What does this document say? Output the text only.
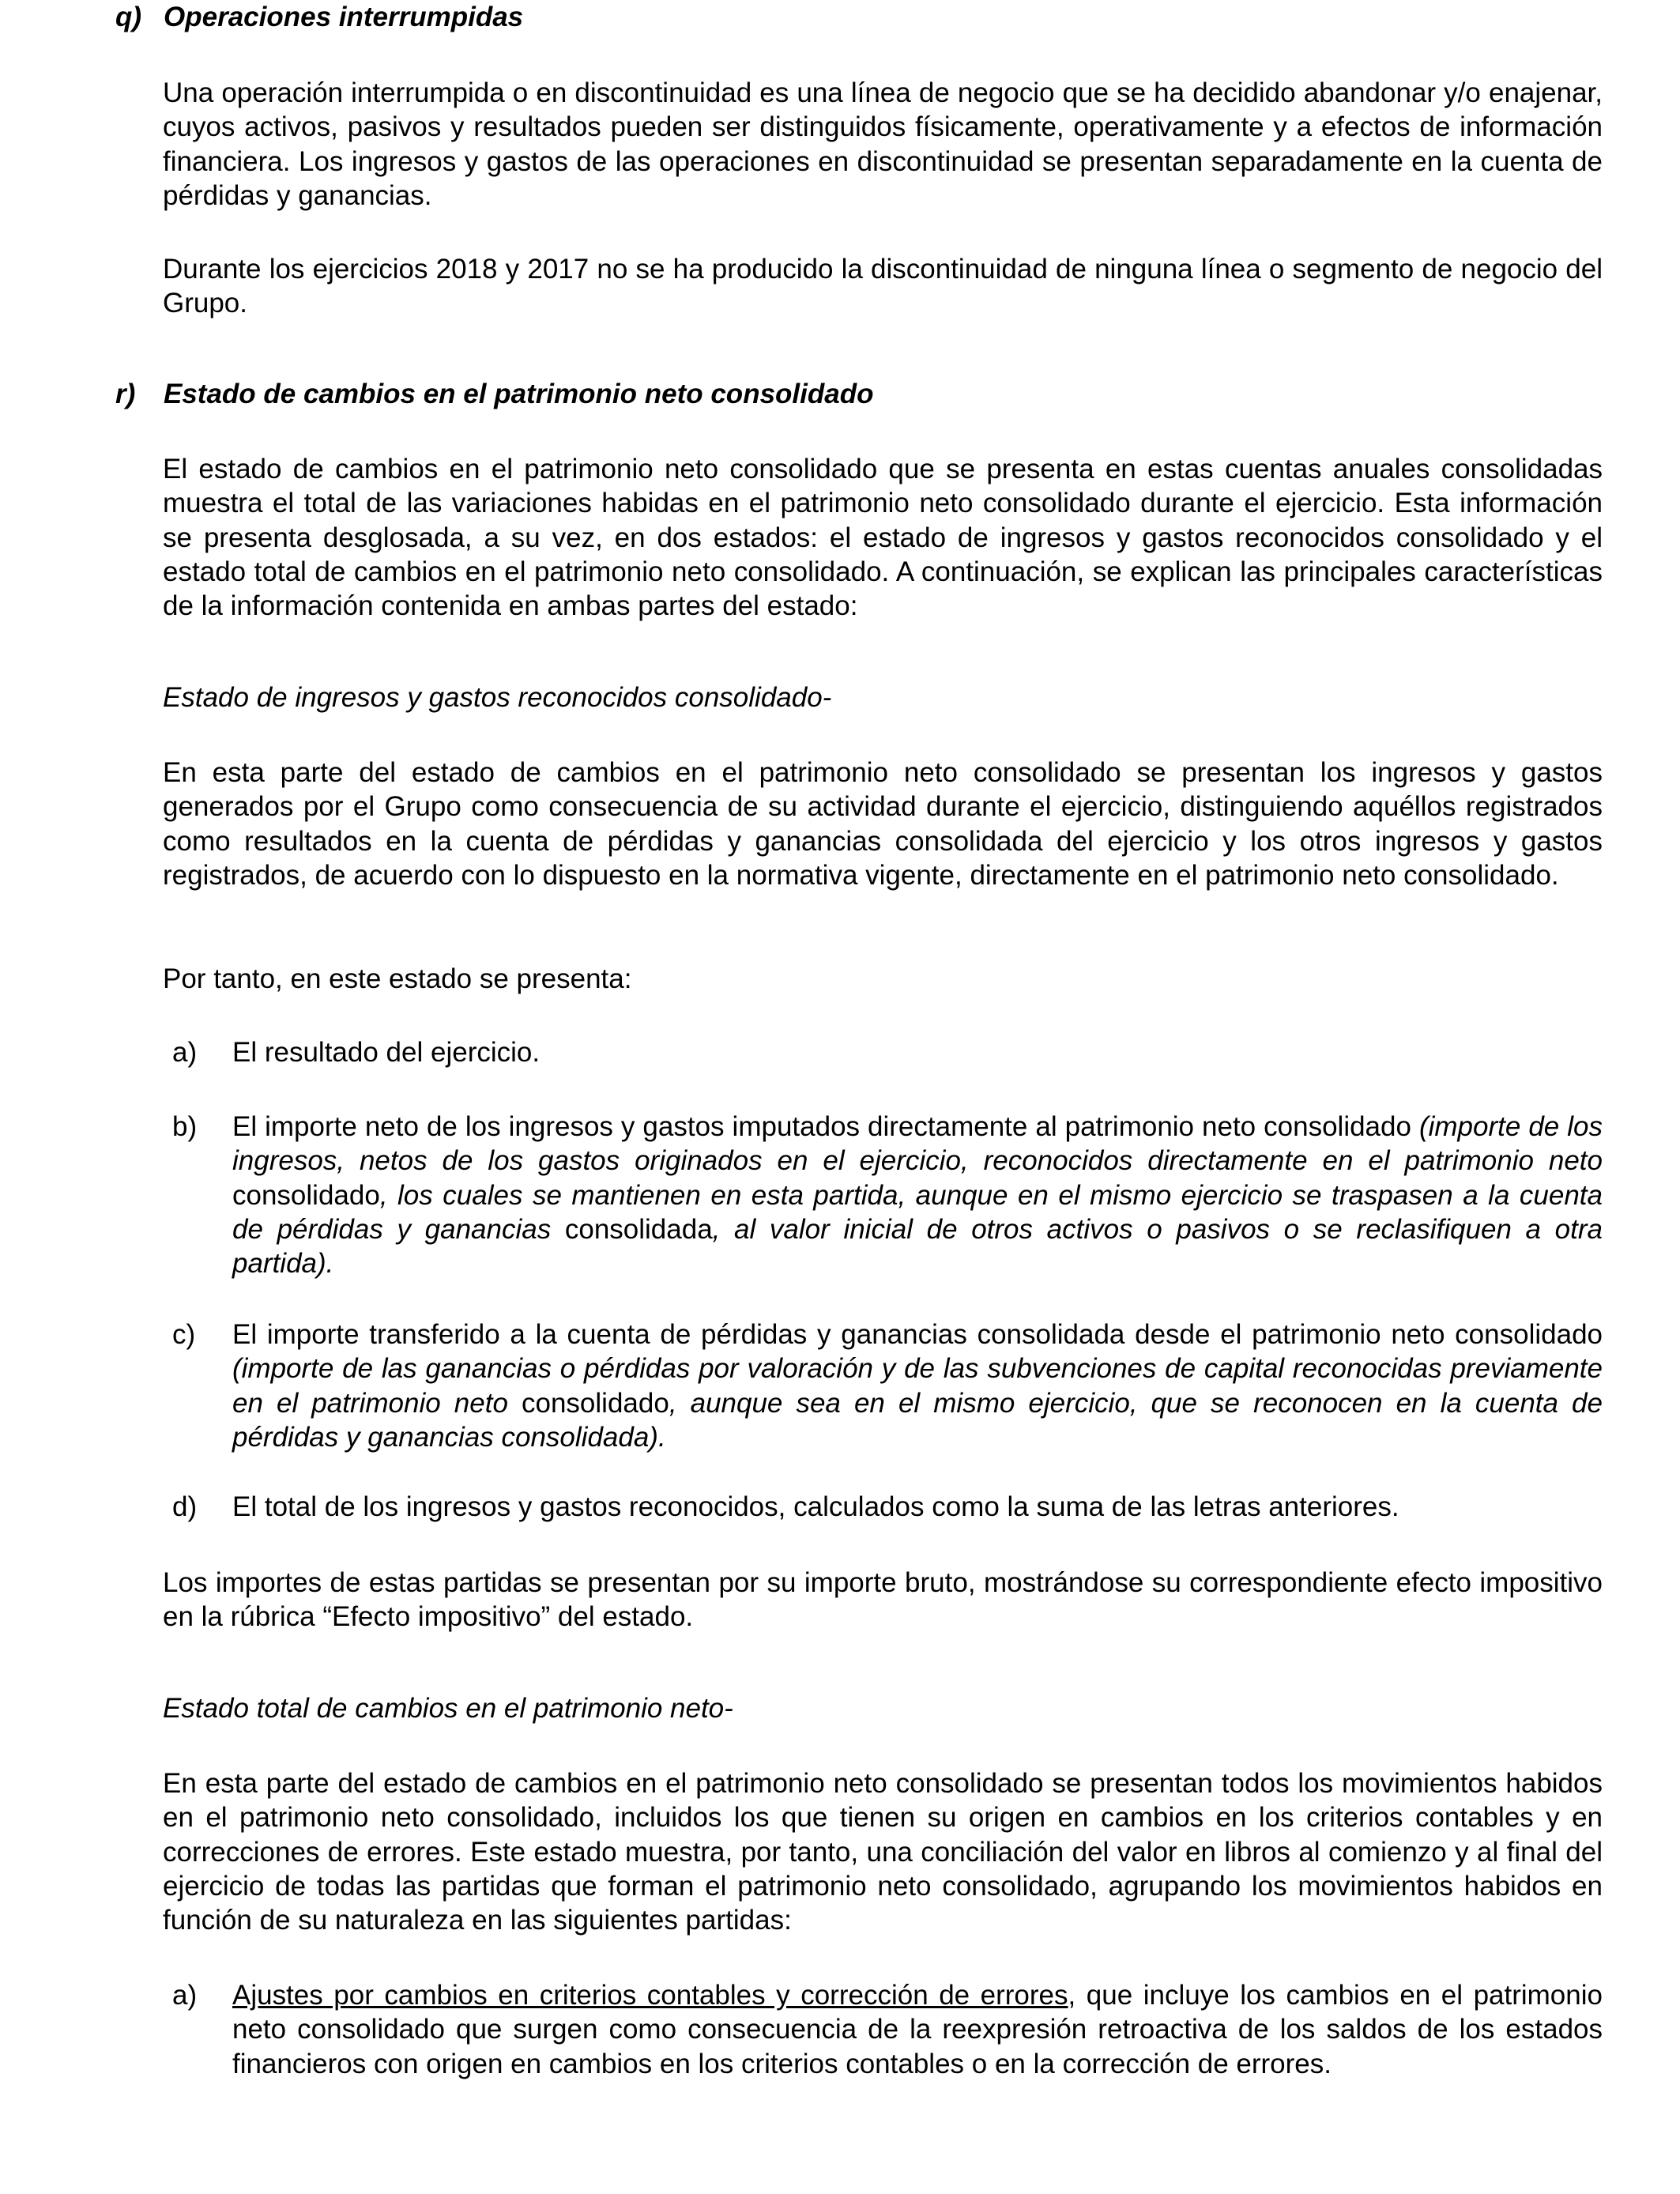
q) Operaciones interrumpidas
Una operación interrumpida o en discontinuidad es una línea de negocio que se ha decidido abandonar y/o enajenar, cuyos activos, pasivos y resultados pueden ser distinguidos físicamente, operativamente y a efectos de información financiera. Los ingresos y gastos de las operaciones en discontinuidad se presentan separadamente en la cuenta de pérdidas y ganancias.
Durante los ejercicios 2018 y 2017 no se ha producido la discontinuidad de ninguna línea o segmento de negocio del Grupo.
r) Estado de cambios en el patrimonio neto consolidado
El estado de cambios en el patrimonio neto consolidado que se presenta en estas cuentas anuales consolidadas muestra el total de las variaciones habidas en el patrimonio neto consolidado durante el ejercicio. Esta información se presenta desglosada, a su vez, en dos estados: el estado de ingresos y gastos reconocidos consolidado y el estado total de cambios en el patrimonio neto consolidado. A continuación, se explican las principales características de la información contenida en ambas partes del estado:
Estado de ingresos y gastos reconocidos consolidado-
En esta parte del estado de cambios en el patrimonio neto consolidado se presentan los ingresos y gastos generados por el Grupo como consecuencia de su actividad durante el ejercicio, distinguiendo aquéllos registrados como resultados en la cuenta de pérdidas y ganancias consolidada del ejercicio y los otros ingresos y gastos registrados, de acuerdo con lo dispuesto en la normativa vigente, directamente en el patrimonio neto consolidado.
Por tanto, en este estado se presenta:
a) El resultado del ejercicio.
b) El importe neto de los ingresos y gastos imputados directamente al patrimonio neto consolidado (importe de los ingresos, netos de los gastos originados en el ejercicio, reconocidos directamente en el patrimonio neto consolidado, los cuales se mantienen en esta partida, aunque en el mismo ejercicio se traspasen a la cuenta de pérdidas y ganancias consolidada, al valor inicial de otros activos o pasivos o se reclasifiquen a otra partida).
c) El importe transferido a la cuenta de pérdidas y ganancias consolidada desde el patrimonio neto consolidado (importe de las ganancias o pérdidas por valoración y de las subvenciones de capital reconocidas previamente en el patrimonio neto consolidado, aunque sea en el mismo ejercicio, que se reconocen en la cuenta de pérdidas y ganancias consolidada).
d) El total de los ingresos y gastos reconocidos, calculados como la suma de las letras anteriores.
Los importes de estas partidas se presentan por su importe bruto, mostrándose su correspondiente efecto impositivo en la rúbrica “Efecto impositivo” del estado.
Estado total de cambios en el patrimonio neto-
En esta parte del estado de cambios en el patrimonio neto consolidado se presentan todos los movimientos habidos en el patrimonio neto consolidado, incluidos los que tienen su origen en cambios en los criterios contables y en correcciones de errores. Este estado muestra, por tanto, una conciliación del valor en libros al comienzo y al final del ejercicio de todas las partidas que forman el patrimonio neto consolidado, agrupando los movimientos habidos en función de su naturaleza en las siguientes partidas:
a) Ajustes por cambios en criterios contables y corrección de errores, que incluye los cambios en el patrimonio neto consolidado que surgen como consecuencia de la reexpresión retroactiva de los saldos de los estados financieros con origen en cambios en los criterios contables o en la corrección de errores.
